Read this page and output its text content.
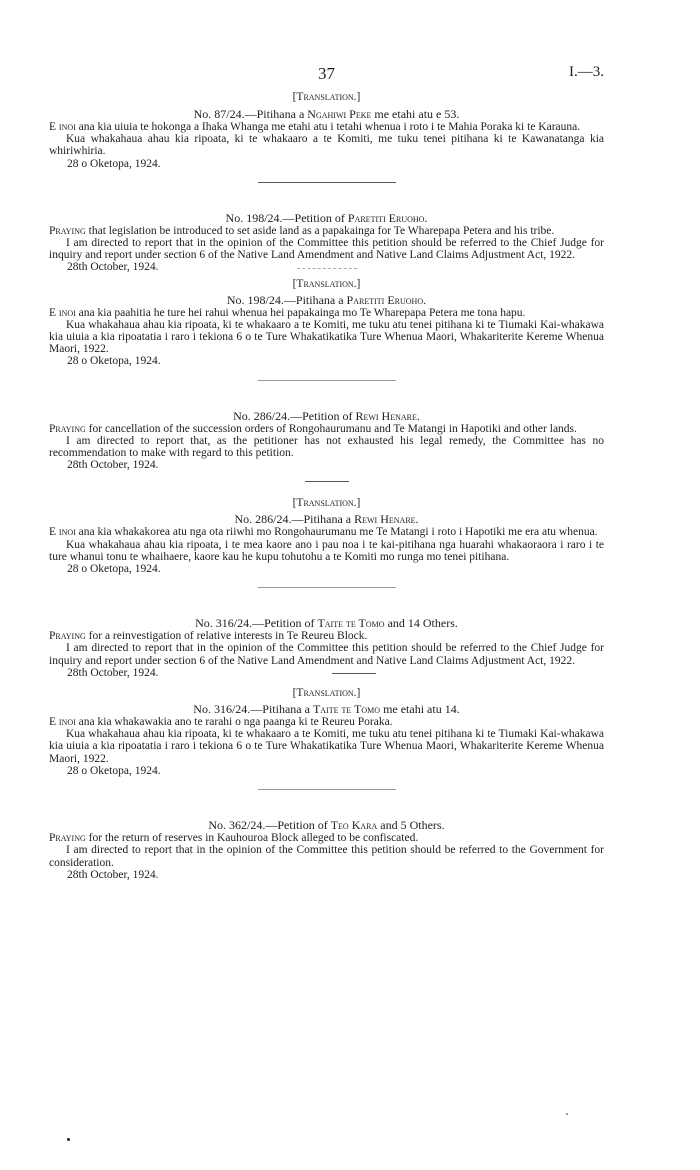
37	I.—3.
[Translation.]
No. 87/24.—Pitihana a Ngahiwi Peke me etahi atu e 53.

E inoi ana kia uiuia te hokonga a Ihaka Whanga me etahi atu i tetahi whenua i roto i te Mahia Poraka ki te Karauna.

Kua whakahaua ahau kia ripoata, ki te whakaaro a te Komiti, me tuku tenei pitihana ki te Kawanatanga kia whiriwhiria.

28 o Oketopa, 1924.
No. 198/24.—Petition of Paretiti Eruoho.

Praying that legislation be introduced to set aside land as a papakainga for Te Wharepapa Petera and his tribe.

I am directed to report that in the opinion of the Committee this petition should be referred to the Chief Judge for inquiry and report under section 6 of the Native Land Amendment and Native Land Claims Adjustment Act, 1922.

28th October, 1924.
[Translation.]
No. 198/24.—Pitihana a Paretiti Eruoho.

E inoi ana kia paahitia he ture hei rahui whenua hei papakainga mo Te Wharepapa Petera me tona hapu.

Kua whakahaua ahau kia ripoata, ki te whakaaro a te Komiti, me tuku atu tenei pitihana ki te Tiumaki Kai-whakawa kia uiuia a kia ripoatatia i raro i tekiona 6 o te Ture Whakatikatika Ture Whenua Maori, Whakariterite Kereme Whenua Maori, 1922.

28 o Oketopa, 1924.
No. 286/24.—Petition of Rewi Henare.

Praying for cancellation of the succession orders of Rongohaurumanu and Te Matangi in Hapotiki and other lands.

I am directed to report that, as the petitioner has not exhausted his legal remedy, the Committee has no recommendation to make with regard to this petition.

28th October, 1924.
[Translation.]
No. 286/24.—Pitihana a Rewi Henare.

E inoi ana kia whakakorea atu nga ota riiwhi mo Rongohaurumanu me Te Matangi i roto i Hapotiki me era atu whenua.

Kua whakahaua ahau kia ripoata, i te mea kaore ano i pau noa i te kai-pitihana nga huarahi whakaoraora i raro i te ture whanui tonu te whaihaere, kaore kau he kupu tohutohu a te Komiti mo runga mo tenei pitihana.

28 o Oketopa, 1924.
No. 316/24.—Petition of Taite te Tomo and 14 Others.

Praying for a reinvestigation of relative interests in Te Reureu Block.

I am directed to report that in the opinion of the Committee this petition should be referred to the Chief Judge for inquiry and report under section 6 of the Native Land Amendment and Native Land Claims Adjustment Act, 1922.

28th October, 1924.
[Translation.]
No. 316/24.—Pitihana a Taite te Tomo me etahi atu 14.

E inoi ana kia whakawakia ano te rarahi o nga paanga ki te Reureu Poraka.

Kua whakahaua ahau kia ripoata, ki te whakaaro a te Komiti, me tuku atu tenei pitihana ki te Tiumaki Kai-whakawa kia uiuia a kia ripoatatia i raro i tekiona 6 o te Ture Whakatikatika Ture Whenua Maori, Whakariterite Kereme Whenua Maori, 1922.

28 o Oketopa, 1924.
No. 362/24.—Petition of Teo Kara and 5 Others.

Praying for the return of reserves in Kauhouroa Block alleged to be confiscated.

I am directed to report that in the opinion of the Committee this petition should be referred to the Government for consideration.

28th October, 1924.
